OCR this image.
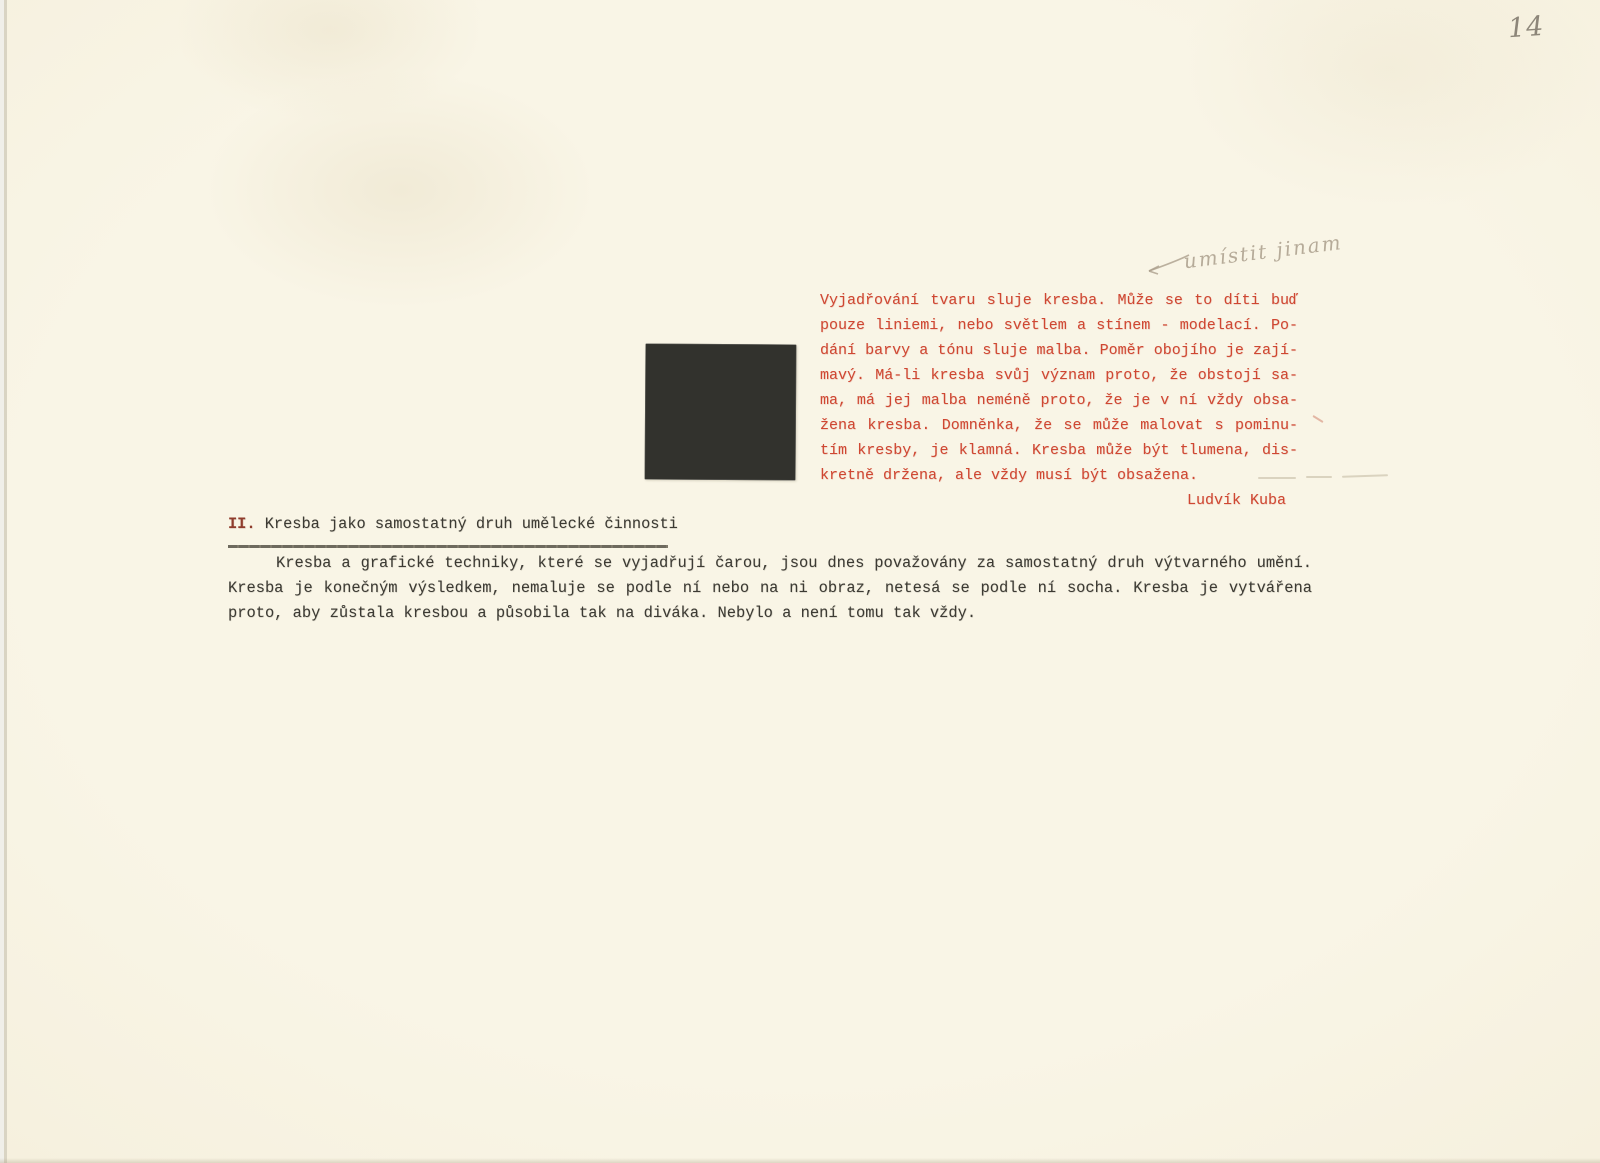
14
umístit jinam
Vyjadřování tvaru sluje kresba. Může se to díti buď
pouze liniemi, nebo světlem a stínem - modelací. Po-
dání barvy a tónu sluje malba. Poměr obojího je zají-
mavý. Má-li kresba svůj význam proto, že obstojí sa-
ma, má jej malba neméně proto, že je v ní vždy obsa-
žena kresba. Domněnka, že se může malovat s pominu-
tím kresby, je klamná. Kresba může být tlumena, dis-
kretně držena, ale vždy musí být obsažena.
Ludvík Kuba
II. Kresba jako samostatný druh umělecké činnosti
Kresba a grafické techniky, které se vyjadřují čarou, jsou dnes považovány za samostatný druh výtvarného umění.
Kresba je konečným výsledkem, nemaluje se podle ní nebo na ni obraz, netesá se podle ní socha. Kresba je vytvářena
proto, aby zůstala kresbou a působila tak na diváka. Nebylo a není tomu tak vždy.
